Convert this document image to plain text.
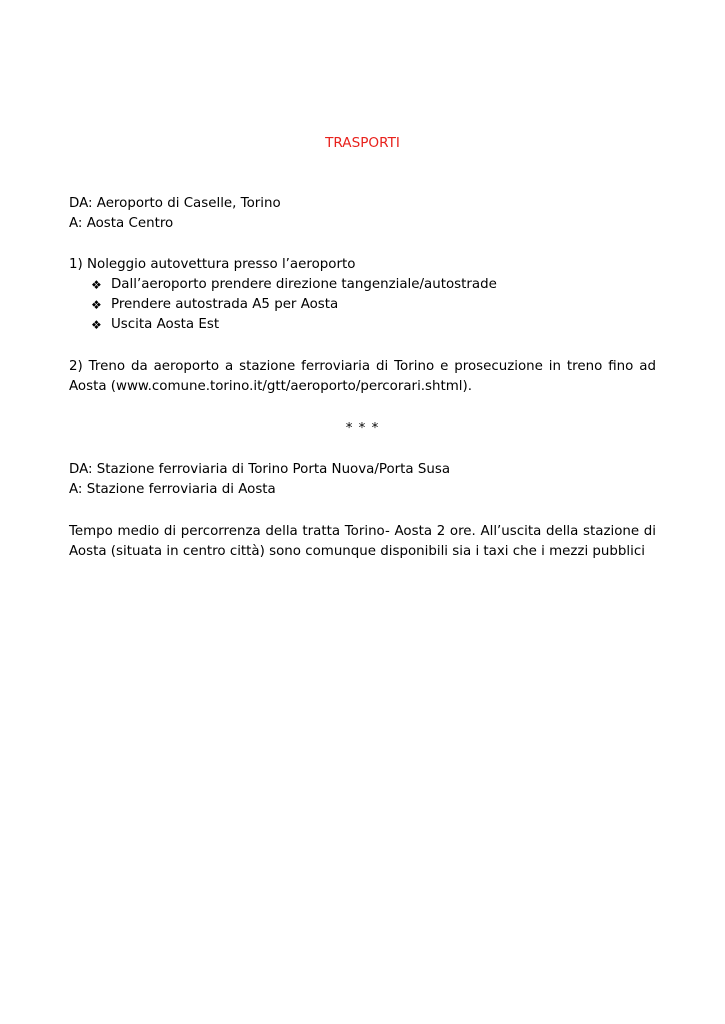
TRASPORTI
DA: Aeroporto di Caselle, Torino
A: Aosta Centro
1) Noleggio autovettura presso l’aeroporto
❖ Dall’aeroporto prendere direzione tangenziale/autostrade
❖ Prendere autostrada A5 per Aosta
❖ Uscita Aosta Est
2) Treno da aeroporto a stazione ferroviaria di Torino e prosecuzione in treno fino ad Aosta (www.comune.torino.it/gtt/aeroporto/percorari.shtml).
* * *
DA: Stazione ferroviaria di Torino Porta Nuova/Porta Susa
A: Stazione ferroviaria di Aosta
Tempo medio di percorrenza della tratta Torino- Aosta 2 ore. All’uscita della stazione di Aosta (situata in centro città) sono comunque disponibili sia i taxi che i mezzi pubblici
